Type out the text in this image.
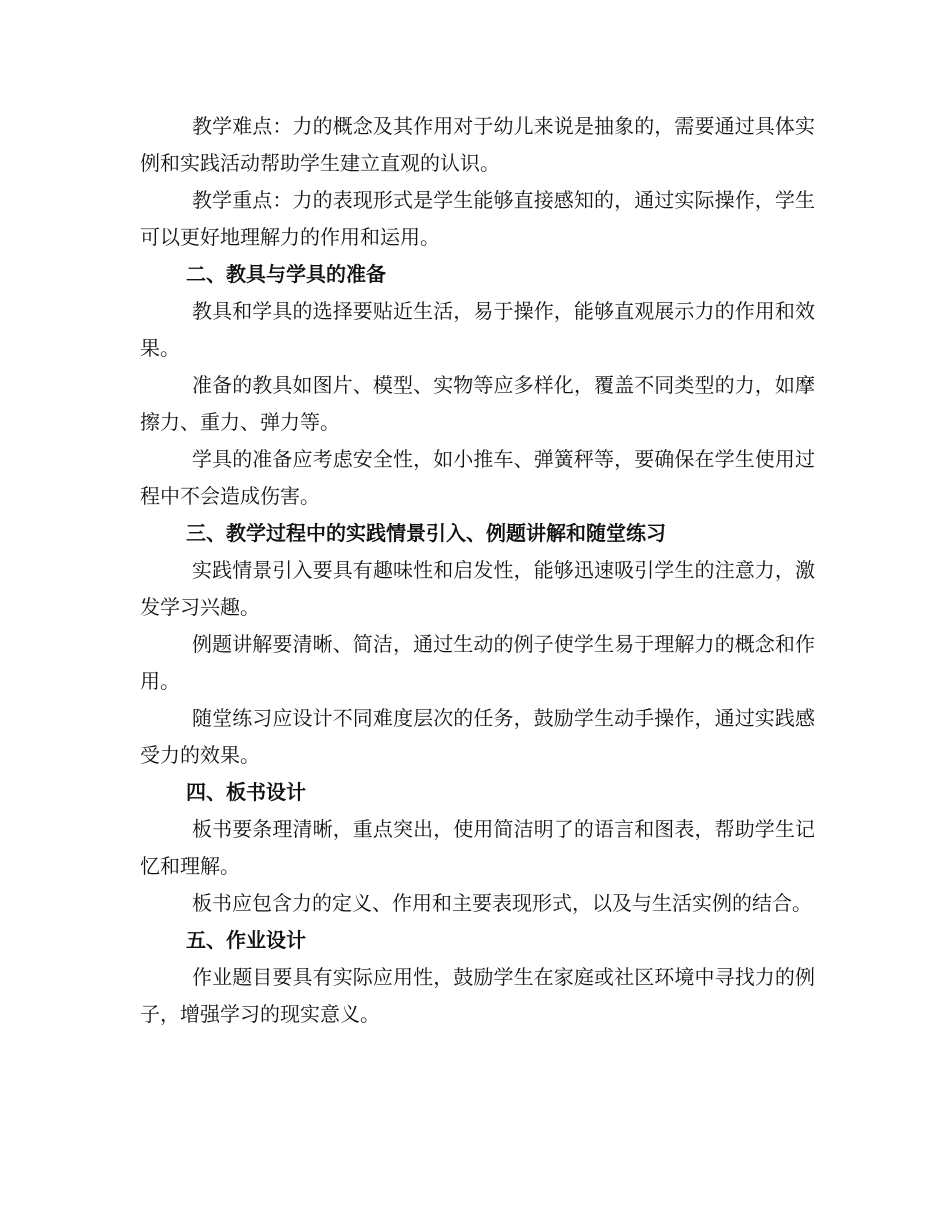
教学难点：力的概念及其作用对于幼儿来说是抽象的，需要通过具体实例和实践活动帮助学生建立直观的认识。

教学重点：力的表现形式是学生能够直接感知的，通过实际操作，学生可以更好地理解力的作用和运用。

二、教具与学具的准备

教具和学具的选择要贴近生活，易于操作，能够直观展示力的作用和效果。

准备的教具如图片、模型、实物等应多样化，覆盖不同类型的力，如摩擦力、重力、弹力等。

学具的准备应考虑安全性，如小推车、弹簧秤等，要确保在学生使用过程中不会造成伤害。

三、教学过程中的实践情景引入、例题讲解和随堂练习

实践情景引入要具有趣味性和启发性，能够迅速吸引学生的注意力，激发学习兴趣。

例题讲解要清晰、简洁，通过生动的例子使学生易于理解力的概念和作用。

随堂练习应设计不同难度层次的任务，鼓励学生动手操作，通过实践感受力的效果。

四、板书设计

板书要条理清晰，重点突出，使用简洁明了的语言和图表，帮助学生记忆和理解。

板书应包含力的定义、作用和主要表现形式，以及与生活实例的结合。

五、作业设计

作业题目要具有实际应用性，鼓励学生在家庭或社区环境中寻找力的例子，增强学习的现实意义。
